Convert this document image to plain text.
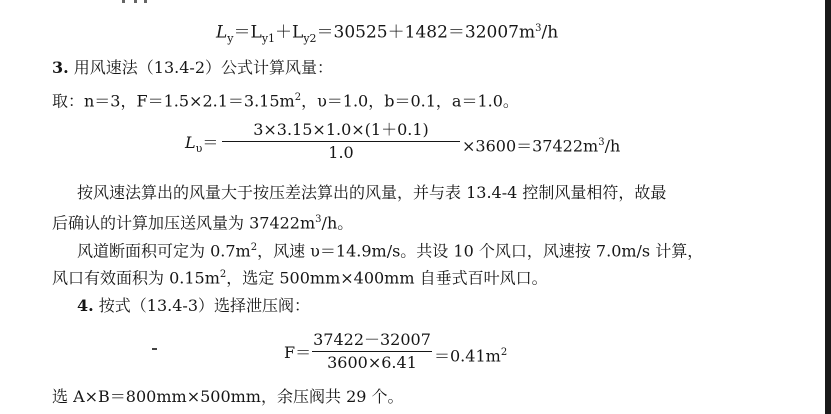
$L_y=L_{y1}+L_{y2}=30525+1482=32007m^3/h$
3. 用风速法（13.4-2）公式计算风量：
取：n＝3，$F=1.5\times 2.1=3.15m^2$，υ＝1.0，b＝0.1，a＝1.0。
$L_\upsilon=$
3×3.15×1.0×(1＋0.1)
1.0	$\times 3600=37422m^3/h$
按风速法算出的风量大于按压差法算出的风量，并与表 13.4-4 控制风量相符，故最
后确认的计算加压送风量为 $37422m^3/h$。
风道断面积可定为 $0.7m^2$，风速 υ＝14.9m/s。共设 10 个风口，风速按 7.0m/s 计算，
风口有效面积为 $0.15m^2$，选定 500mm×400mm 自垂式百叶风口。
4. 按式（13.4-3）选择泄压阀：
F＝
37422－32007
3600×6.41	$=0.41m^2$
选 A×B＝800mm×500mm，余压阀共 29 个。
